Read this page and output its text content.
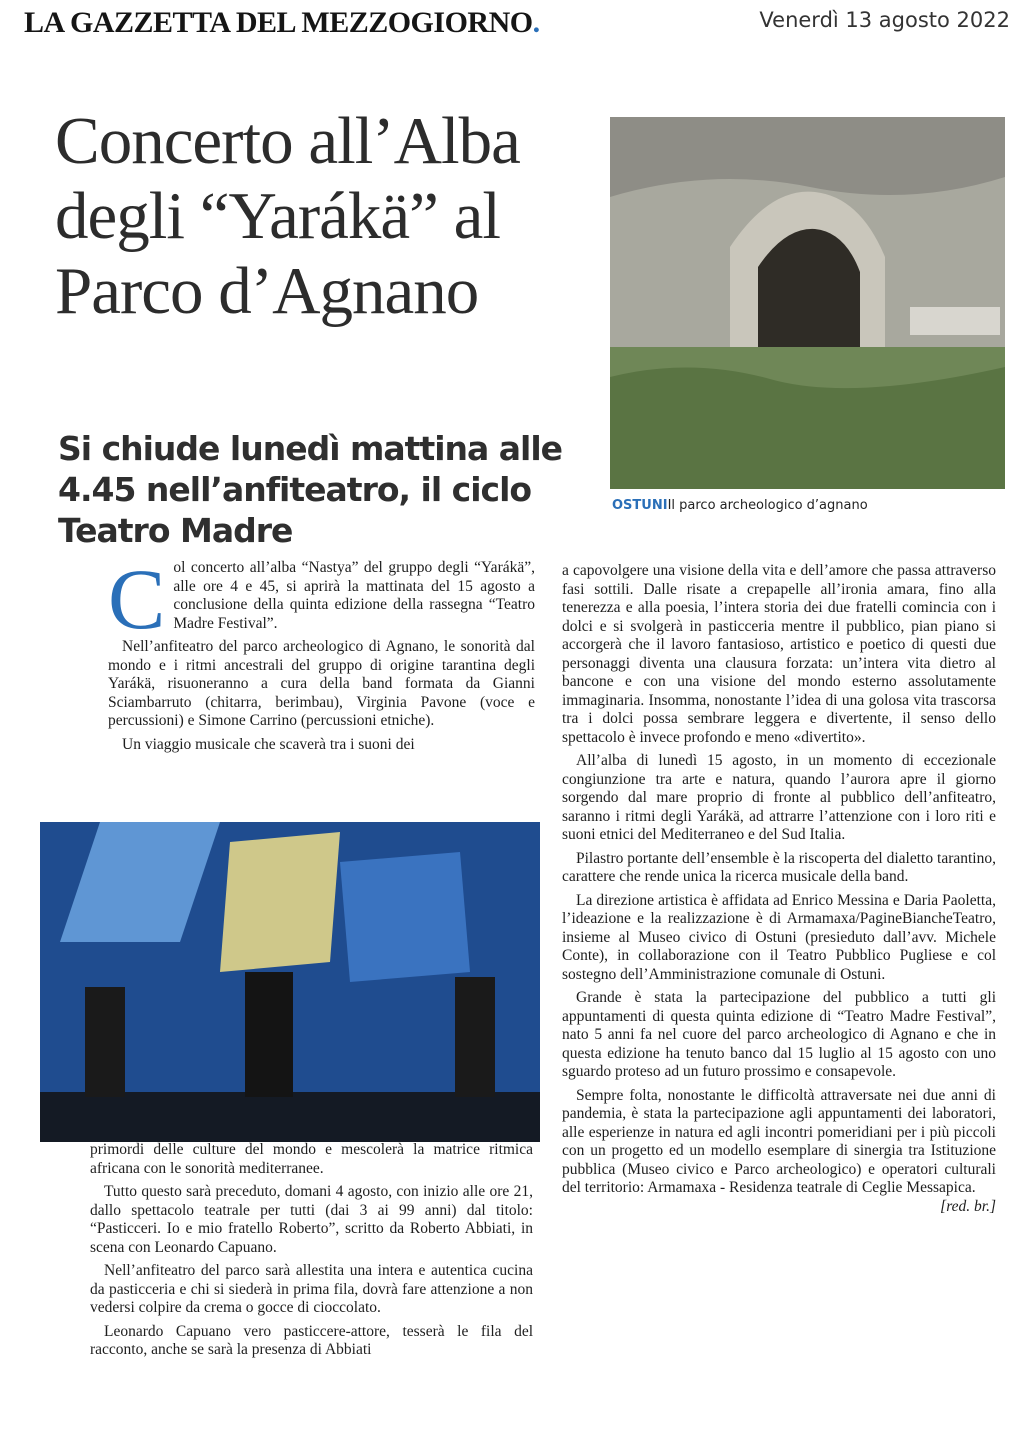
LA GAZZETTA DEL MEZZOGIORNO.	Venerdì 13 agosto 2022
Concerto all’Alba degli “Yarákä” al Parco d’Agnano
Si chiude lunedì mattina alle 4.45 nell’anfiteatro, il ciclo Teatro Madre
OSTUNIIl parco archeologico d’agnano
C ol concerto all’alba “Nastya” del gruppo degli “Yarákä”, alle ore 4 e 45, si aprirà la mattinata del 15 agosto a conclusione della quinta edizione della rassegna “Teatro Madre Festival”.

Nell’anfiteatro del parco archeologico di Agnano, le sonorità dal mondo e i ritmi ancestrali del gruppo di origine tarantina degli Yarákä, risuoneranno a cura della band formata da Gianni Sciambarruto (chitarra, berimbau), Virginia Pavone (voce e percussioni) e Simone Carrino (percussioni etniche).

Un viaggio musicale che scaverà tra i suoni dei

primordi delle culture del mondo e mescolerà la matrice ritmica africana con le sonorità mediterranee.

Tutto questo sarà preceduto, domani 4 agosto, con inizio alle ore 21, dallo spettacolo teatrale per tutti (dai 3 ai 99 anni) dal titolo: “Pasticceri. Io e mio fratello Roberto”, scritto da Roberto Abbiati, in scena con Leonardo Capuano.

Nell’anfiteatro del parco sarà allestita una intera e autentica cucina da pasticceria e chi si siederà in prima fila, dovrà fare attenzione a non vedersi colpire da crema o gocce di cioccolato.

Leonardo Capuano vero pasticcere-attore, tesserà le fila del racconto, anche se sarà la presenza di Abbiati

a capovolgere una visione della vita e dell’amore che passa attraverso fasi sottili. Dalle risate a crepapelle all’ironia amara, fino alla tenerezza e alla poesia, l’intera storia dei due fratelli comincia con i dolci e si svolgerà in pasticceria mentre il pubblico, pian piano si accorgerà che il lavoro fantasioso, artistico e poetico di questi due personaggi diventa una clausura forzata: un’intera vita dietro al bancone e con una visione del mondo esterno assolutamente immaginaria. Insomma, nonostante l’idea di una golosa vita trascorsa tra i dolci possa sembrare leggera e divertente, il senso dello spettacolo è invece profondo e meno «divertito».

All’alba di lunedì 15 agosto, in un momento di eccezionale congiunzione tra arte e natura, quando l’aurora apre il giorno sorgendo dal mare proprio di fronte al pubblico dell’anfiteatro, saranno i ritmi degli Yarákä, ad attrarre l’attenzione con i loro riti e suoni etnici del Mediterraneo e del Sud Italia.

Pilastro portante dell’ensemble è la riscoperta del dialetto tarantino, carattere che rende unica la ricerca musicale della band.

La direzione artistica è affidata ad Enrico Messina e Daria Paoletta, l’ideazione e la realizzazione è di Armamaxa/PagineBiancheTeatro, insieme al Museo civico di Ostuni (presieduto dall’avv. Michele Conte), in collaborazione con il Teatro Pubblico Pugliese e col sostegno dell’Amministrazione comunale di Ostuni.

Grande è stata la partecipazione del pubblico a tutti gli appuntamenti di questa quinta edizione di “Teatro Madre Festival”, nato 5 anni fa nel cuore del parco archeologico di Agnano e che in questa edizione ha tenuto banco dal 15 luglio al 15 agosto con uno sguardo proteso ad un futuro prossimo e consapevole.

Sempre folta, nonostante le difficoltà attraversate nei due anni di pandemia, è stata la partecipazione agli appuntamenti dei laboratori, alle esperienze in natura ed agli incontri pomeridiani per i più piccoli con un progetto ed un modello esemplare di sinergia tra Istituzione pubblica (Museo civico e Parco archeologico) e operatori culturali del territorio: Armamaxa - Residenza teatrale di Ceglie Messapica.
[red. br.]
